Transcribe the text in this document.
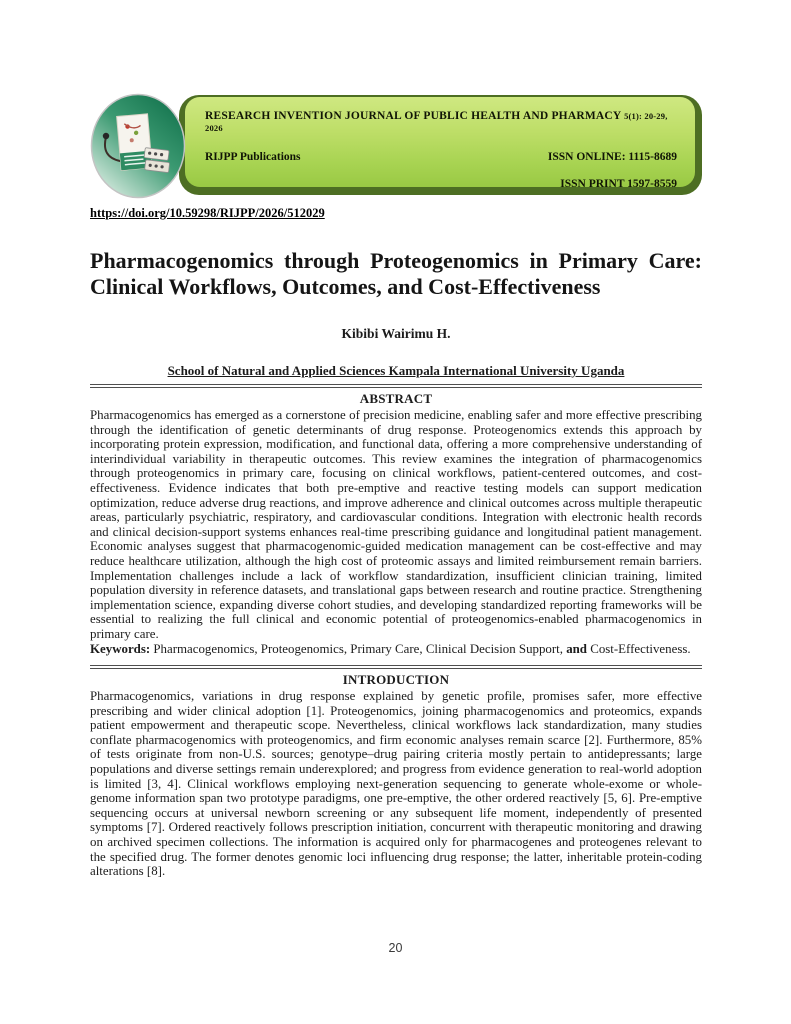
RESEARCH INVENTION JOURNAL OF PUBLIC HEALTH AND PHARMACY 5(1): 20-29, 2026
RIJPP Publications	ISSN ONLINE: 1115-8689
ISSN PRINT 1597-8559
https://doi.org/10.59298/RIJPP/2026/512029
Pharmacogenomics through Proteogenomics in Primary Care: Clinical Workflows, Outcomes, and Cost-Effectiveness
Kibibi Wairimu H.
School of Natural and Applied Sciences Kampala International University Uganda
ABSTRACT
Pharmacogenomics has emerged as a cornerstone of precision medicine, enabling safer and more effective prescribing through the identification of genetic determinants of drug response. Proteogenomics extends this approach by incorporating protein expression, modification, and functional data, offering a more comprehensive understanding of interindividual variability in therapeutic outcomes. This review examines the integration of pharmacogenomics through proteogenomics in primary care, focusing on clinical workflows, patient-centered outcomes, and cost-effectiveness. Evidence indicates that both pre-emptive and reactive testing models can support medication optimization, reduce adverse drug reactions, and improve adherence and clinical outcomes across multiple therapeutic areas, particularly psychiatric, respiratory, and cardiovascular conditions. Integration with electronic health records and clinical decision-support systems enhances real-time prescribing guidance and longitudinal patient management. Economic analyses suggest that pharmacogenomic-guided medication management can be cost-effective and may reduce healthcare utilization, although the high cost of proteomic assays and limited reimbursement remain barriers. Implementation challenges include a lack of workflow standardization, insufficient clinician training, limited population diversity in reference datasets, and translational gaps between research and routine practice. Strengthening implementation science, expanding diverse cohort studies, and developing standardized reporting frameworks will be essential to realizing the full clinical and economic potential of proteogenomics-enabled pharmacogenomics in primary care.
Keywords: Pharmacogenomics, Proteogenomics, Primary Care, Clinical Decision Support, and Cost-Effectiveness.
INTRODUCTION
Pharmacogenomics, variations in drug response explained by genetic profile, promises safer, more effective prescribing and wider clinical adoption [1]. Proteogenomics, joining pharmacogenomics and proteomics, expands patient empowerment and therapeutic scope. Nevertheless, clinical workflows lack standardization, many studies conflate pharmacogenomics with proteogenomics, and firm economic analyses remain scarce [2]. Furthermore, 85% of tests originate from non-U.S. sources; genotype–drug pairing criteria mostly pertain to antidepressants; large populations and diverse settings remain underexplored; and progress from evidence generation to real-world adoption is limited [3, 4]. Clinical workflows employing next-generation sequencing to generate whole-exome or whole-genome information span two prototype paradigms, one pre-emptive, the other ordered reactively [5, 6]. Pre-emptive sequencing occurs at universal newborn screening or any subsequent life moment, independently of presented symptoms [7]. Ordered reactively follows prescription initiation, concurrent with therapeutic monitoring and drawing on archived specimen collections. The information is acquired only for pharmacogenes and proteogenes relevant to the specified drug. The former denotes genomic loci influencing drug response; the latter, inheritable protein-coding alterations [8].
20
